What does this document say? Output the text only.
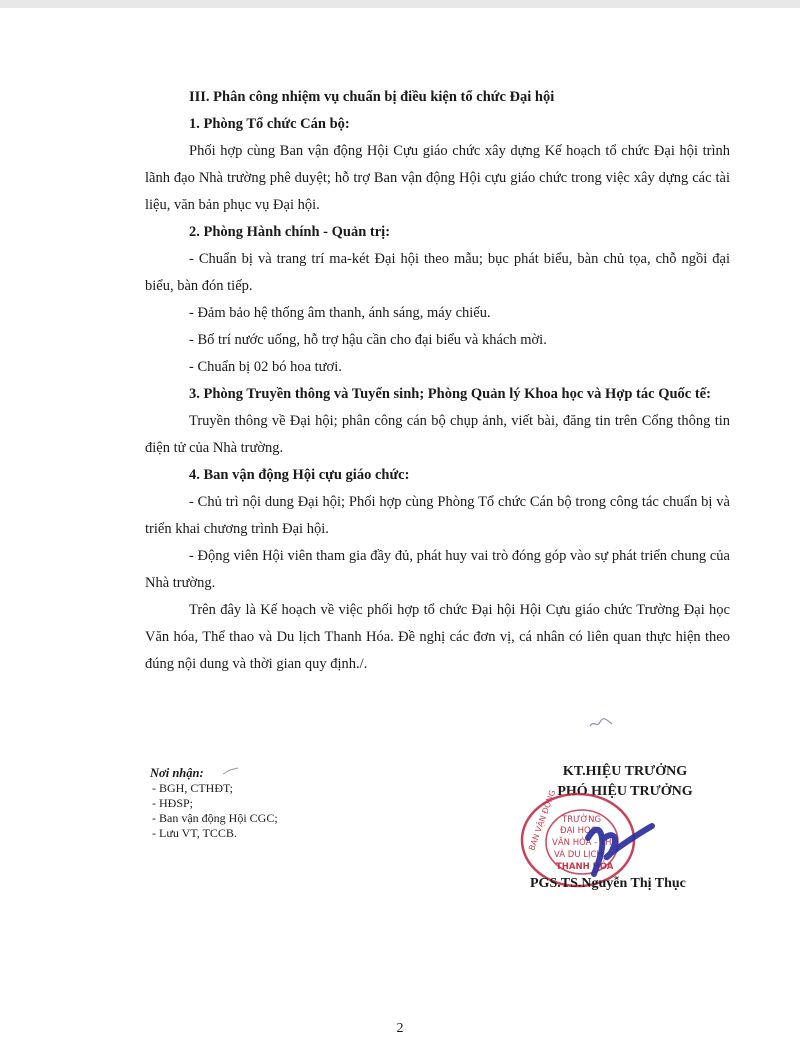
III. Phân công nhiệm vụ chuẩn bị điều kiện tổ chức Đại hội

1. Phòng Tổ chức Cán bộ:

Phối hợp cùng Ban vận động Hội Cựu giáo chức xây dựng Kế hoạch tổ chức Đại hội trình lãnh đạo Nhà trường phê duyệt; hỗ trợ Ban vận động Hội cựu giáo chức trong việc xây dựng các tài liệu, văn bản phục vụ Đại hội.

2. Phòng Hành chính - Quản trị:

- Chuẩn bị và trang trí ma-két Đại hội theo mẫu; bục phát biểu, bàn chủ tọa, chỗ ngồi đại biểu, bàn đón tiếp.

- Đảm bảo hệ thống âm thanh, ánh sáng, máy chiếu.

- Bố trí nước uống, hỗ trợ hậu cần cho đại biểu và khách mời.

- Chuẩn bị 02 bó hoa tươi.

3. Phòng Truyền thông và Tuyển sinh; Phòng Quản lý Khoa học và Hợp tác Quốc tế:

Truyền thông về Đại hội; phân công cán bộ chụp ảnh, viết bài, đăng tin trên Cổng thông tin điện tử của Nhà trường.

4. Ban vận động Hội cựu giáo chức:

- Chủ trì nội dung Đại hội; Phối hợp cùng Phòng Tổ chức Cán bộ trong công tác chuẩn bị và triển khai chương trình Đại hội.

- Động viên Hội viên tham gia đầy đủ, phát huy vai trò đóng góp vào sự phát triển chung của Nhà trường.

Trên đây là Kế hoạch về việc phối hợp tổ chức Đại hội Hội Cựu giáo chức Trường Đại học Văn hóa, Thể thao và Du lịch Thanh Hóa. Đề nghị các đơn vị, cá nhân có liên quan thực hiện theo đúng nội dung và thời gian quy định./.

Nơi nhận:
- BGH, CTHĐT;
- HĐSP;
- Ban vận động Hội CGC;
- Lưu VT, TCCB.
KT.HIỆU TRƯỞNG
PHÓ HIỆU TRƯỞNG
BAN VẬN ĐỘNG TRƯỜNG
ĐẠI HỌC
VĂN HÓA - TH
VÀ DU LỊCH
THANH HÓA
PGS.TS.Nguyễn Thị Thục
2
